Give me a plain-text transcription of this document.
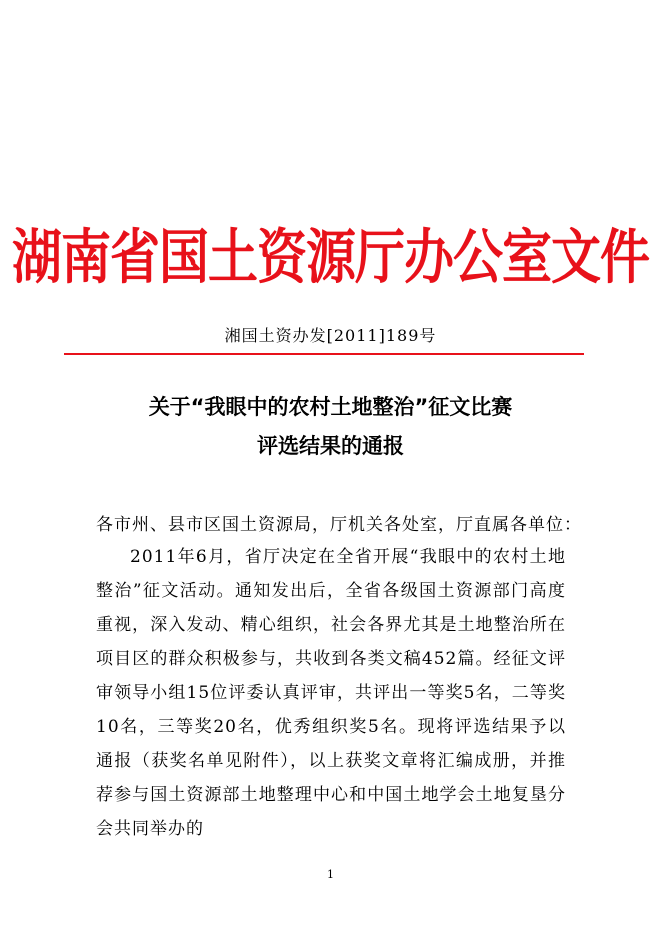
湖南省国土资源厅办公室文件
湘国土资办发[2011]189号
关于“我眼中的农村土地整治”征文比赛
评选结果的通报
各市州、县市区国土资源局，厅机关各处室，厅直属各单位：
2011年6月，省厅决定在全省开展“我眼中的农村土地整治”征文活动。通知发出后，全省各级国土资源部门高度重视，深入发动、精心组织，社会各界尤其是土地整治所在项目区的群众积极参与，共收到各类文稿452篇。经征文评审领导小组15位评委认真评审，共评出一等奖5名，二等奖10名，三等奖20名，优秀组织奖5名。现将评选结果予以通报（获奖名单见附件），以上获奖文章将汇编成册，并推荐参与国土资源部土地整理中心和中国土地学会土地复垦分会共同举办的
1
